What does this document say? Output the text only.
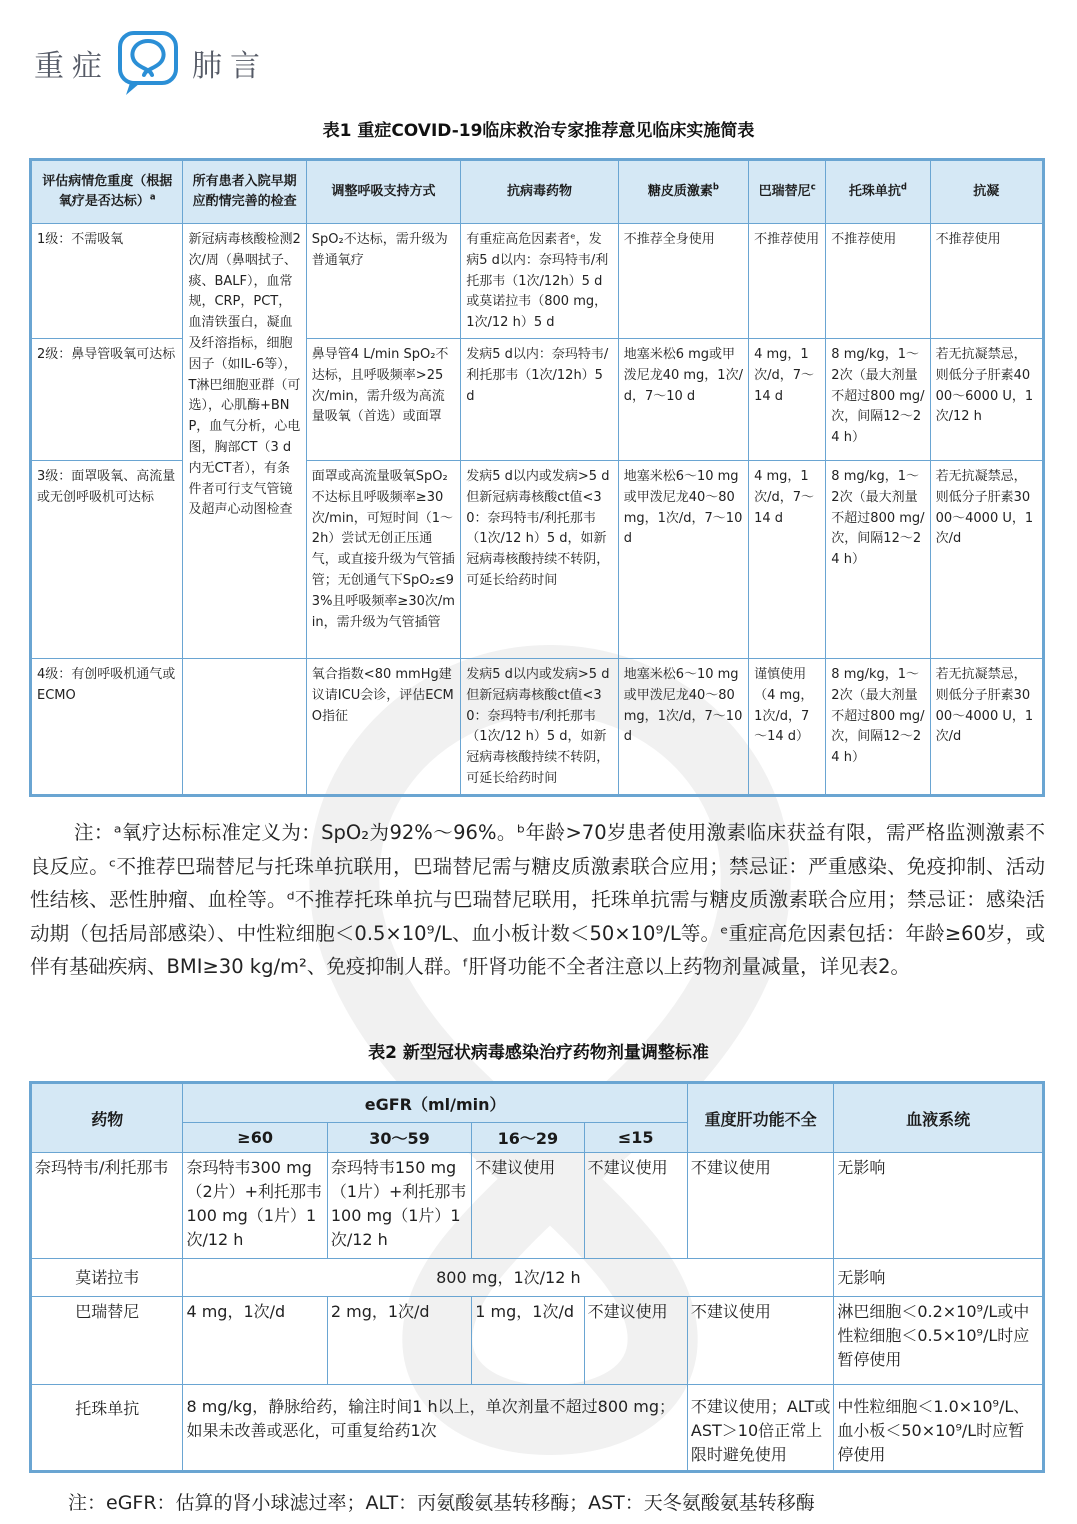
重症	肺言
表1 重症COVID-19临床救治专家推荐意见临床实施简表
评估病情危重度（根据氧疗是否达标）$^a$	所有患者入院早期应酌情完善的检查	调整呼吸支持方式	抗病毒药物	糖皮质激素$^b$	巴瑞替尼$^c$	托珠单抗$^d$	抗凝
1级：不需吸氧	新冠病毒核酸检测2次/周（鼻咽拭子、痰、BALF），血常规，CRP，PCT，血清铁蛋白，凝血及纤溶指标，细胞因子（如IL-6等），T淋巴细胞亚群（可选），心肌酶+BNP，血气分析，心电图，胸部CT（3 d内无CT者），有条件者可行支气管镜及超声心动图检查	SpO₂不达标，需升级为普通氧疗	有重症高危因素者ᵉ，发病5 d以内：奈玛特韦/利托那韦（1次/12h）5 d或莫诺拉韦（800 mg，1次/12 h）5 d	不推荐全身使用	不推荐使用	不推荐使用	不推荐使用
2级：鼻导管吸氧可达标		鼻导管4 L/min SpO₂不达标，且呼吸频率>25次/min，需升级为高流量吸氧（首选）或面罩	发病5 d以内：奈玛特韦/利托那韦（1次/12h）5 d	地塞米松6 mg或甲泼尼龙40 mg，1次/d，7～10 d	4 mg，1次/d，7～14 d	8 mg/kg，1～2次（最大剂量不超过800 mg/次，间隔12～24 h）	若无抗凝禁忌，则低分子肝素4000～6000 U，1次/12 h
3级：面罩吸氧、高流量或无创呼吸机可达标		面罩或高流量吸氧SpO₂不达标且呼吸频率≥30次/min，可短时间（1～2h）尝试无创正压通气，或直接升级为气管插管；无创通气下SpO₂≤93%且呼吸频率≥30次/min，需升级为气管插管	发病5 d以内或发病>5 d但新冠病毒核酸ct值<30：奈玛特韦/利托那韦（1次/12 h）5 d，如新冠病毒核酸持续不转阴，可延长给药时间	地塞米松6～10 mg或甲泼尼龙40～80 mg，1次/d，7～10 d	4 mg，1次/d，7～14 d	8 mg/kg，1～2次（最大剂量不超过800 mg/次，间隔12～24 h）	若无抗凝禁忌，则低分子肝素3000～4000 U，1次/d
4级：有创呼吸机通气或ECMO		氧合指数<80 mmHg建议请ICU会诊，评估ECMO指征	发病5 d以内或发病>5 d但新冠病毒核酸ct值<30：奈玛特韦/利托那韦（1次/12 h）5 d，如新冠病毒核酸持续不转阴，可延长给药时间	地塞米松6～10 mg或甲泼尼龙40～80 mg，1次/d，7～10 d	谨慎使用（4 mg，1次/d，7～14 d）	8 mg/kg，1～2次（最大剂量不超过800 mg/次，间隔12～24 h）	若无抗凝禁忌，则低分子肝素3000～4000 U，1次/d
注：ᵃ氧疗达标标准定义为：SpO₂为92%～96%。ᵇ年龄>70岁患者使用激素临床获益有限，需严格监测激素不良反应。ᶜ不推荐巴瑞替尼与托珠单抗联用，巴瑞替尼需与糖皮质激素联合应用；禁忌证：严重感染、免疫抑制、活动性结核、恶性肿瘤、血栓等。ᵈ不推荐托珠单抗与巴瑞替尼联用，托珠单抗需与糖皮质激素联合应用；禁忌证：感染活动期（包括局部感染）、中性粒细胞＜0.5×10⁹/L、血小板计数＜50×10⁹/L等。ᵉ重症高危因素包括：年龄≥60岁，或伴有基础疾病、BMI≥30 kg/m²、免疫抑制人群。ᶠ肝肾功能不全者注意以上药物剂量减量，详见表2。
表2 新型冠状病毒感染治疗药物剂量调整标准
药物	eGFR（ml/min）				重度肝功能不全	血液系统
	≥60	30～59	16～29	≤15		
奈玛特韦/利托那韦	奈玛特韦300 mg（2片）+利托那韦100 mg（1片）1次/12 h	奈玛特韦150 mg（1片）+利托那韦100 mg（1片）1次/12 h	不建议使用	不建议使用	不建议使用	无影响
莫诺拉韦	800 mg，1次/12 h					无影响
巴瑞替尼	4 mg，1次/d	2 mg，1次/d	1 mg，1次/d	不建议使用	不建议使用	淋巴细胞＜0.2×10⁹/L或中性粒细胞＜0.5×10⁹/L时应暂停使用
托珠单抗	8 mg/kg，静脉给药，输注时间1 h以上，单次剂量不超过800 mg；如果未改善或恶化，可重复给药1次				不建议使用；ALT或AST＞10倍正常上限时避免使用	中性粒细胞＜1.0×10⁹/L、血小板＜50×10⁹/L时应暂停使用
注：eGFR：估算的肾小球滤过率；ALT：丙氨酸氨基转移酶；AST：天冬氨酸氨基转移酶
